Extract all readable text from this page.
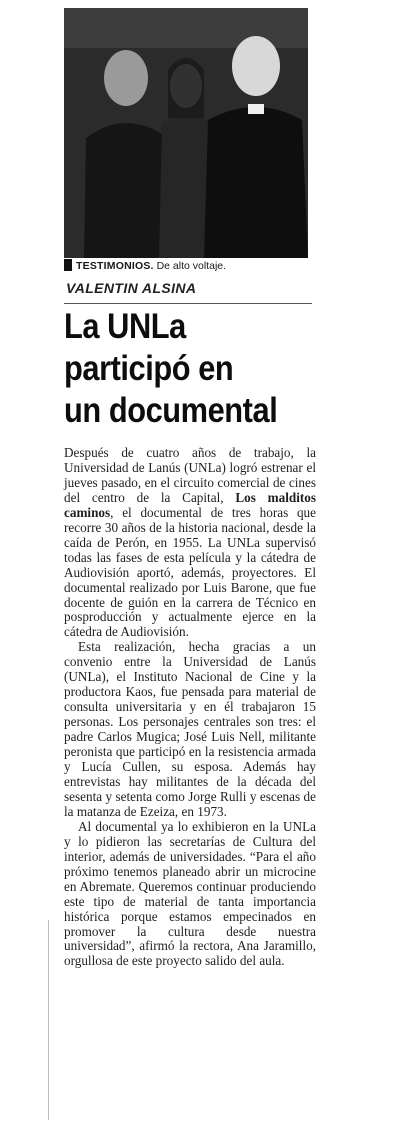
TESTIMONIOS. De alto voltaje.
VALENTIN ALSINA
La UNLa
participó en
un documental

Después de cuatro años de trabajo, la Universidad de Lanús (UNLa) logró estrenar el jueves pasado, en el circuito comercial de cines del centro de la Capital, Los malditos caminos, el documental de tres horas que recorre 30 años de la historia nacional, desde la caída de Perón, en 1955. La UNLa supervisó todas las fases de esta película y la cátedra de Audiovisión aportó, además, proyectores. El documental realizado por Luis Barone, que fue docente de guión en la carrera de Técnico en posproducción y actualmente ejerce en la cátedra de Audiovisión.

Esta realización, hecha gracias a un convenio entre la Universidad de Lanús (UNLa), el Instituto Nacional de Cine y la productora Kaos, fue pensada para material de consulta universitaria y en él trabajaron 15 personas. Los personajes centrales son tres: el padre Carlos Mugica; José Luis Nell, militante peronista que participó en la resistencia armada y Lucía Cullen, su esposa. Además hay entrevistas hay militantes de la década del sesenta y setenta como Jorge Rulli y escenas de la matanza de Ezeiza, en 1973.

Al documental ya lo exhibieron en la UNLa y lo pidieron las secretarías de Cultura del interior, además de universidades. “Para el año próximo tenemos planeado abrir un microcine en Abremate. Queremos continuar produciendo este tipo de material de tanta importancia histórica porque estamos empecinados en promover la cultura desde nuestra universidad”, afirmó la rectora, Ana Jaramillo, orgullosa de este proyecto salido del aula.
